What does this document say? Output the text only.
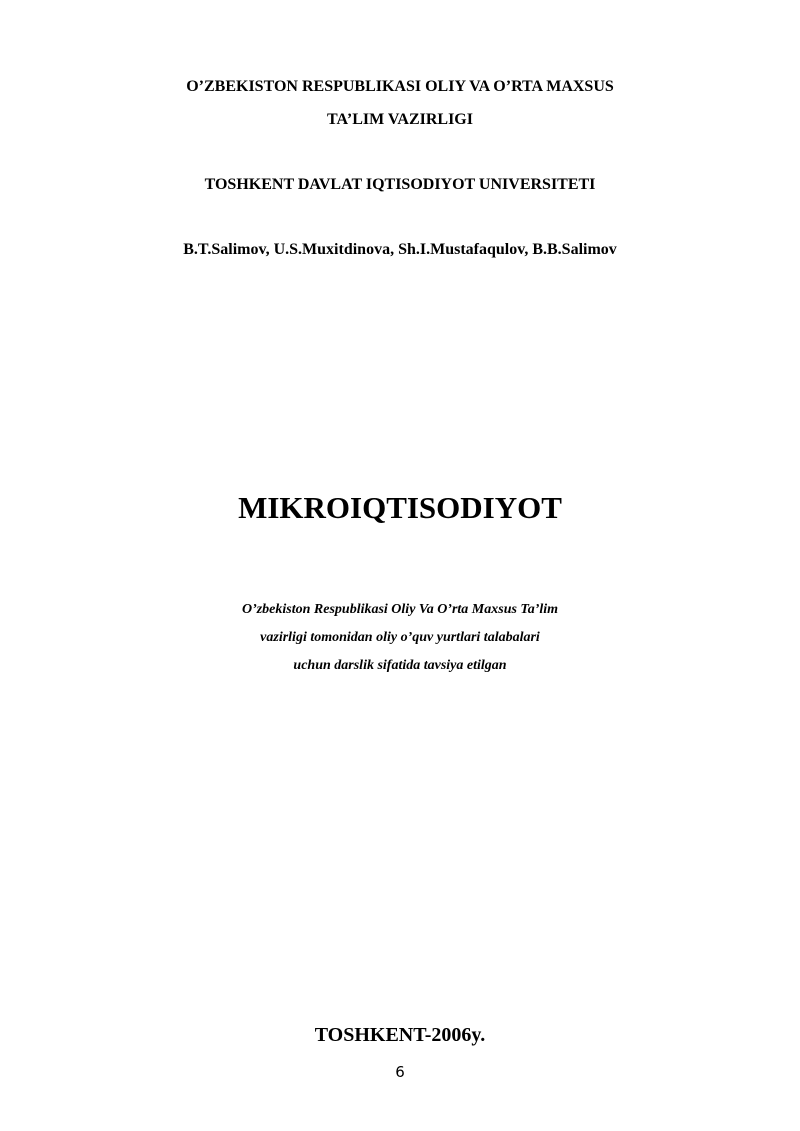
O’ZBEKISTON RESPUBLIKASI OLIY VA O’RTA MAXSUS

TA’LIM VAZIRLIGI

TOSHKENT DAVLAT IQTISODIYOT UNIVERSITETI

B.T.Salimov, U.S.Muxitdinova, Sh.I.Mustafaqulov, B.B.Salimov

MIKROIQTISODIYOT

O’zbekiston Respublikasi Oliy Va O’rta Maxsus Ta’lim

vazirligi tomonidan oliy o’quv yurtlari talabalari

uchun darslik sifatida tavsiya etilgan

TOSHKENT-2006y.

6
